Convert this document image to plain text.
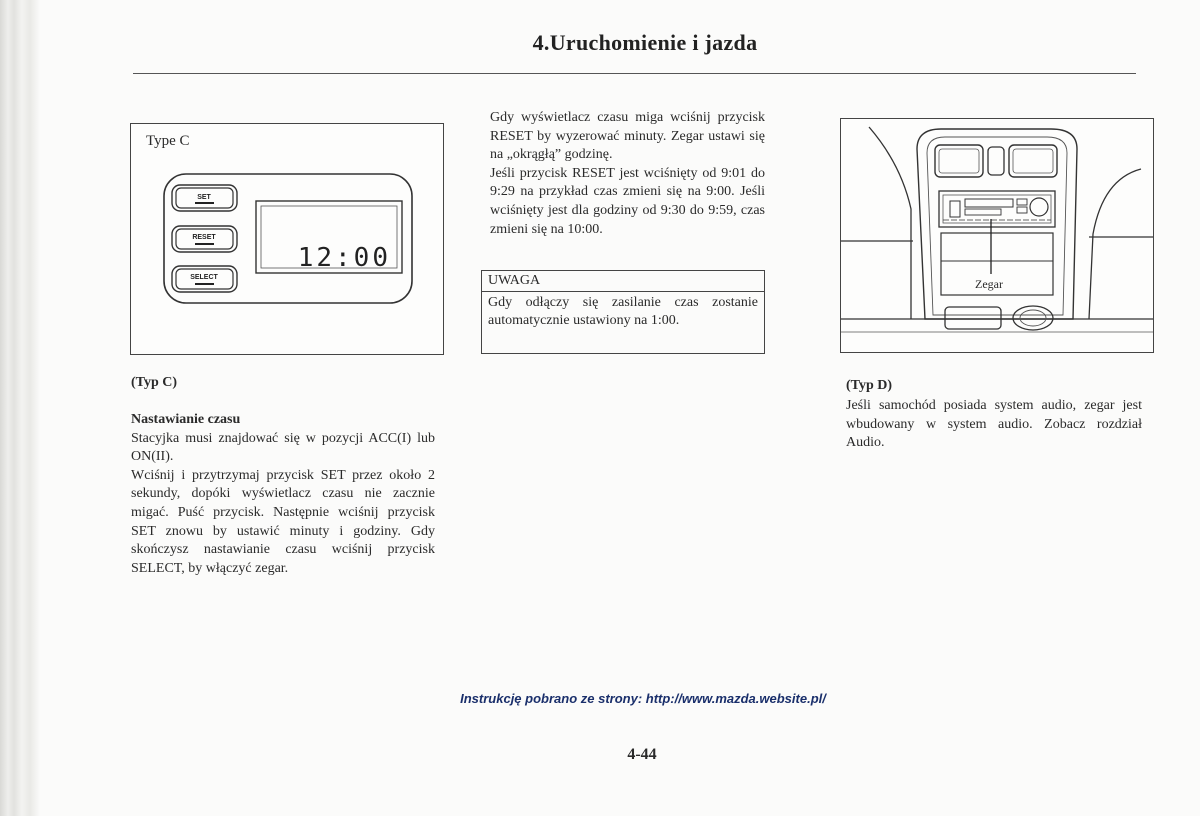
4.Uruchomienie i jazda
Type C
SET
RESET
SELECT
12:00
(Typ C)
Nastawianie czasu

Stacyjka musi znajdować się w pozycji ACC(I) lub ON(II).

Wciśnij i przytrzymaj przycisk SET przez około 2 sekundy, dopóki wyświetlacz czasu nie zacznie migać. Puść przycisk. Następnie wciśnij przycisk SET znowu by ustawić minuty i godziny. Gdy skończysz nastawianie czasu wciśnij przycisk SELECT, by włączyć zegar.

Gdy wyświetlacz czasu miga wciśnij przycisk RESET by wyzerować minuty. Zegar ustawi się na „okrągłą” godzinę.

Jeśli przycisk RESET jest wciśnięty od 9:01 do 9:29 na przykład czas zmieni się na 9:00. Jeśli wciśnięty jest dla godziny od 9:30 do 9:59, czas zmieni się na 10:00.

UWAGA
Gdy odłączy się zasilanie czas zostanie automatycznie ustawiony na 1:00.
Zegar
(Typ D)
Jeśli samochód posiada system audio, zegar jest wbudowany w system audio. Zobacz rozdział Audio.
Instrukcję pobrano ze strony: http://www.mazda.website.pl/
4-44
